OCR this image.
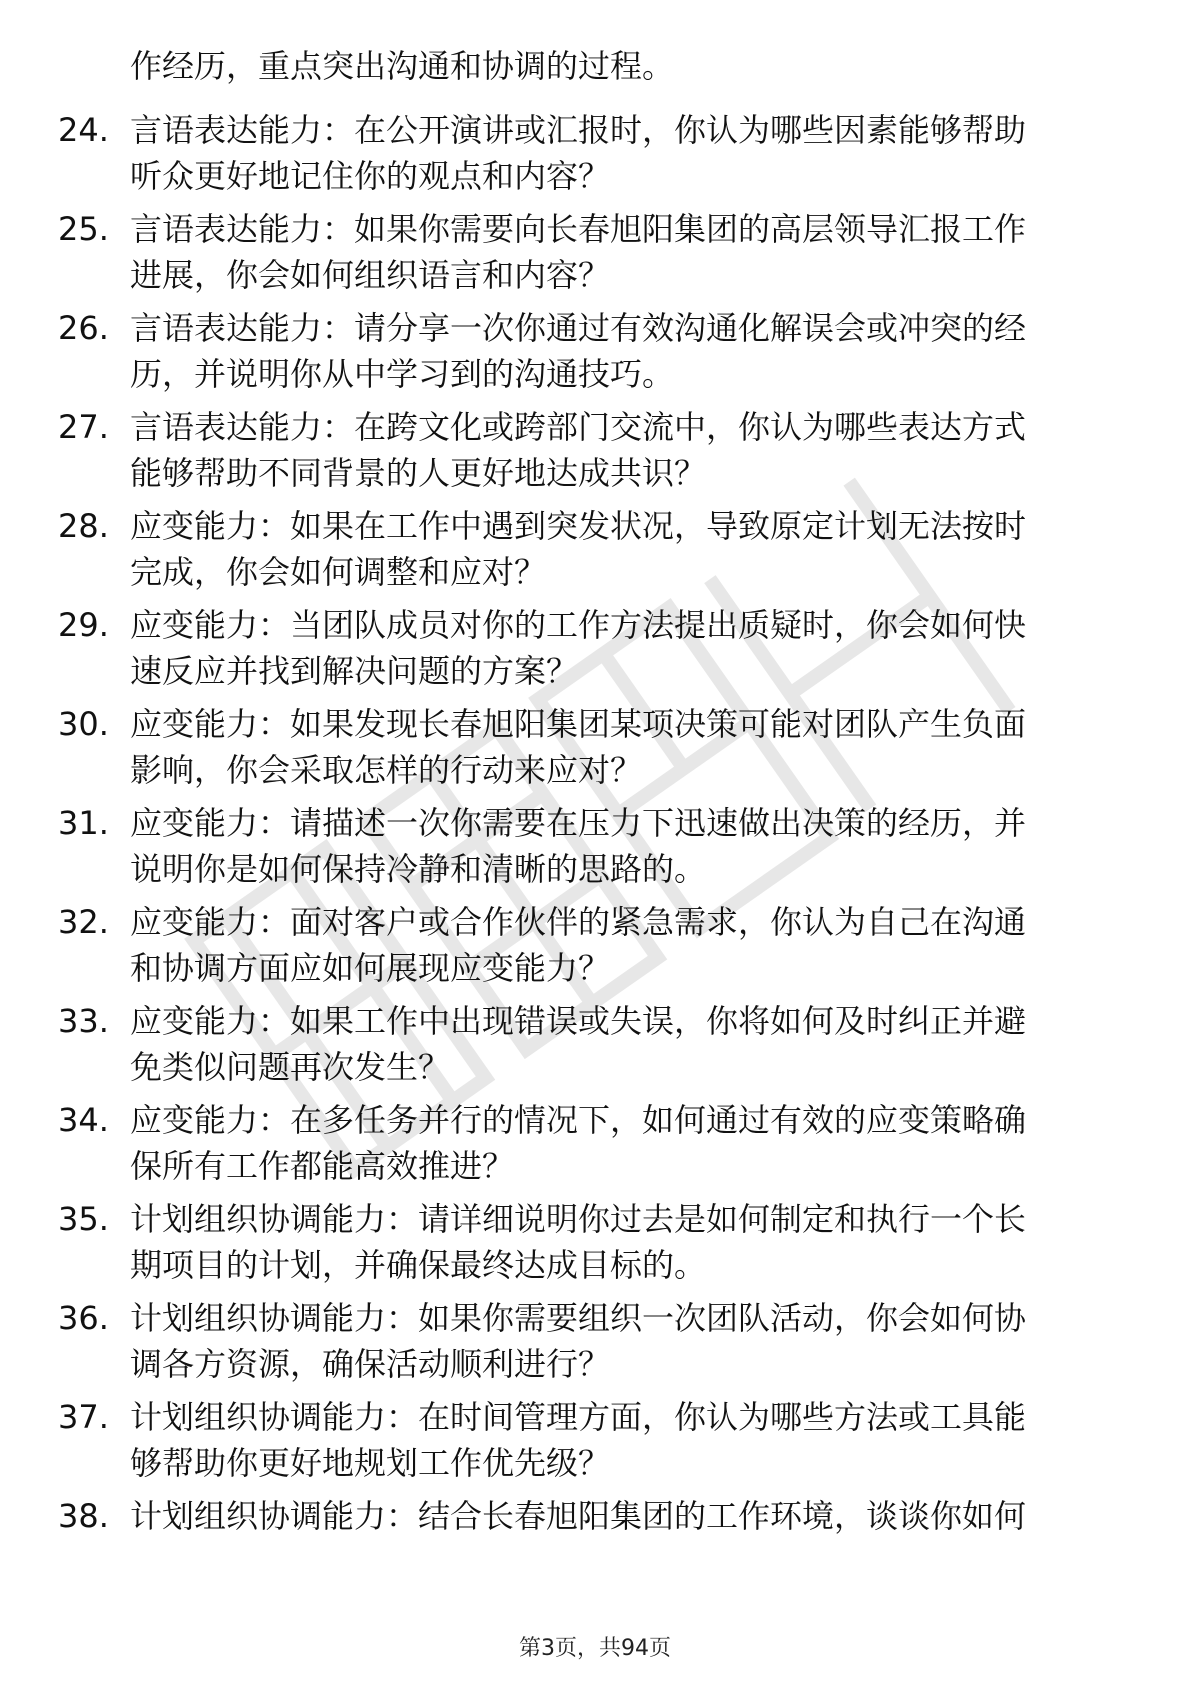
作经历，重点突出沟通和协调的过程。
24. 言语表达能力：在公开演讲或汇报时，你认为哪些因素能够帮助
听众更好地记住你的观点和内容？
25. 言语表达能力：如果你需要向长春旭阳集团的高层领导汇报工作
进展，你会如何组织语言和内容？
26. 言语表达能力：请分享一次你通过有效沟通化解误会或冲突的经
历，并说明你从中学习到的沟通技巧。
27. 言语表达能力：在跨文化或跨部门交流中，你认为哪些表达方式
能够帮助不同背景的人更好地达成共识？
28. 应变能力：如果在工作中遇到突发状况，导致原定计划无法按时
完成，你会如何调整和应对？
29. 应变能力：当团队成员对你的工作方法提出质疑时，你会如何快
速反应并找到解决问题的方案？
30. 应变能力：如果发现长春旭阳集团某项决策可能对团队产生负面
影响，你会采取怎样的行动来应对？
31. 应变能力：请描述一次你需要在压力下迅速做出决策的经历，并
说明你是如何保持冷静和清晰的思路的。
32. 应变能力：面对客户或合作伙伴的紧急需求，你认为自己在沟通
和协调方面应如何展现应变能力？
33. 应变能力：如果工作中出现错误或失误，你将如何及时纠正并避
免类似问题再次发生？
34. 应变能力：在多任务并行的情况下，如何通过有效的应变策略确
保所有工作都能高效推进？
35. 计划组织协调能力：请详细说明你过去是如何制定和执行一个长
期项目的计划，并确保最终达成目标的。
36. 计划组织协调能力：如果你需要组织一次团队活动，你会如何协
调各方资源，确保活动顺利进行？
37. 计划组织协调能力：在时间管理方面，你认为哪些方法或工具能
够帮助你更好地规划工作优先级？
38. 计划组织协调能力：结合长春旭阳集团的工作环境，谈谈你如何
第3页，共94页
